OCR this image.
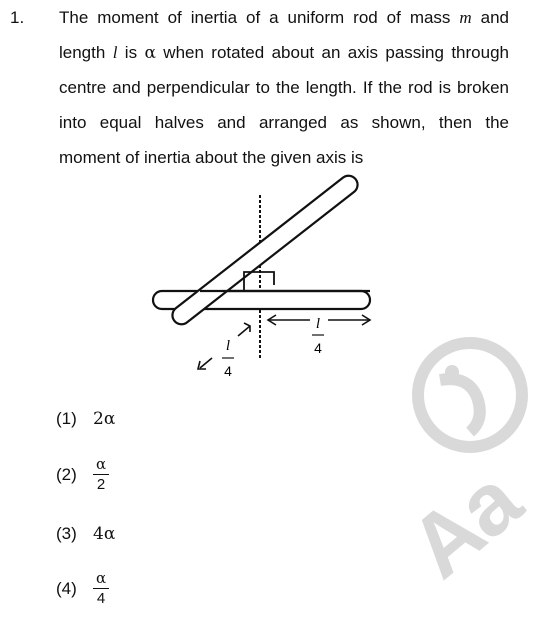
1. The moment of inertia of a uniform rod of mass m and
length l is α when rotated about an axis passing through
centre and perpendicular to the length. If the rod is broken
into equal halves and arranged as shown, then the
moment of inertia about the given axis is
l
4
l
4
Aa
(1) 2α
(2)	$\frac{\alpha}{2}$
(3) 4α
(4)	$\frac{\alpha}{4}$
